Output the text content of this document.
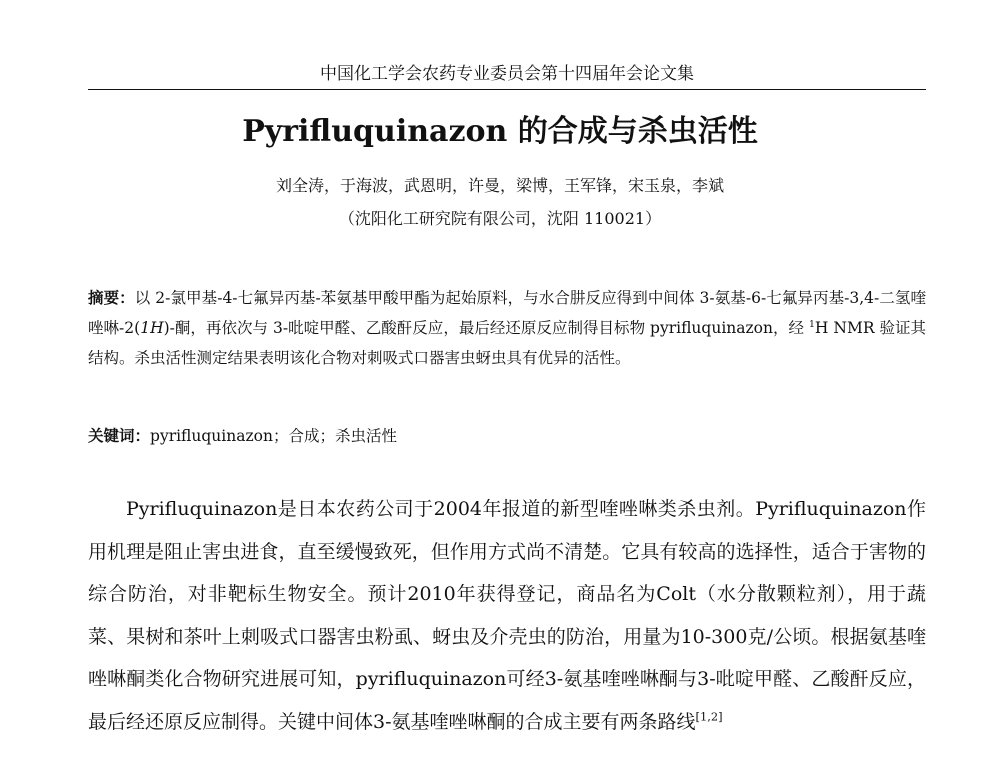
中国化工学会农药专业委员会第十四届年会论文集
Pyrifluquinazon 的合成与杀虫活性
刘全涛，于海波，武恩明，许曼，梁博，王军锋，宋玉泉，李斌
（沈阳化工研究院有限公司，沈阳 110021）
摘要：以 2-氯甲基-4-七氟异丙基-苯氨基甲酸甲酯为起始原料，与水合肼反应得到中间体 3-氨基-6-七氟异丙基-3,4-二氢喹唑啉-2(1H)-酮，再依次与 3-吡啶甲醛、乙酸酐反应，最后经还原反应制得目标物 pyrifluquinazon，经 $^1$H NMR 验证其结构。杀虫活性测定结果表明该化合物对刺吸式口器害虫蚜虫具有优异的活性。
关键词：pyrifluquinazon；合成；杀虫活性
Pyrifluquinazon是日本农药公司于2004年报道的新型喹唑啉类杀虫剂。Pyrifluquinazon作用机理是阻止害虫进食，直至缓慢致死，但作用方式尚不清楚。它具有较高的选择性，适合于害物的综合防治，对非靶标生物安全。预计2010年获得登记，商品名为Colt（水分散颗粒剂），用于蔬菜、果树和茶叶上刺吸式口器害虫粉虱、蚜虫及介壳虫的防治，用量为10-300克/公顷。根据氨基喹唑啉酮类化合物研究进展可知，pyrifluquinazon可经3-氨基喹唑啉酮与3-吡啶甲醛、乙酸酐反应，最后经还原反应制得。关键中间体3-氨基喹唑啉酮的合成主要有两条路线[1,2]
